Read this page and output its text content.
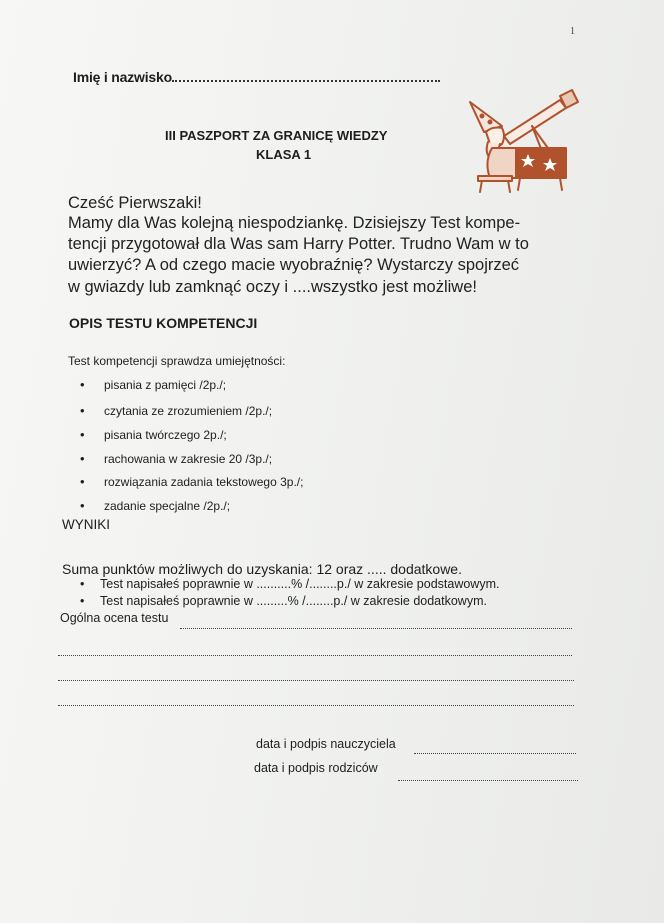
1
Imię i nazwisko
III PASZPORT ZA GRANICĘ WIEDZY
KLASA 1
Cześć Pierwszaki!
Mamy dla Was kolejną niespodziankę. Dzisiejszy Test kompe-
tencji przygotował dla Was sam Harry Potter. Trudno Wam w to
uwierzyć? A od czego macie wyobraźnię? Wystarczy spojrzeć
w gwiazdy lub zamknąć oczy i ....wszystko jest możliwe!
OPIS TESTU KOMPETENCJI
Test kompetencji sprawdza umiejętności:
• pisania z pamięci /2p./;
• czytania ze zrozumieniem /2p./;
• pisania twórczego 2p./;
• rachowania w zakresie 20 /3p./;
• rozwiązania zadania tekstowego 3p./;
• zadanie specjalne /2p./;
WYNIKI
Suma punktów możliwych do uzyskania: 12 oraz ..... dodatkowe.
• Test napisałeś poprawnie w ..........% /........p./ w zakresie podstawowym.
• Test napisałeś poprawnie w .........% /........p./ w zakresie dodatkowym.
Ogólna ocena testu
data i podpis nauczyciela
data i podpis rodziców
